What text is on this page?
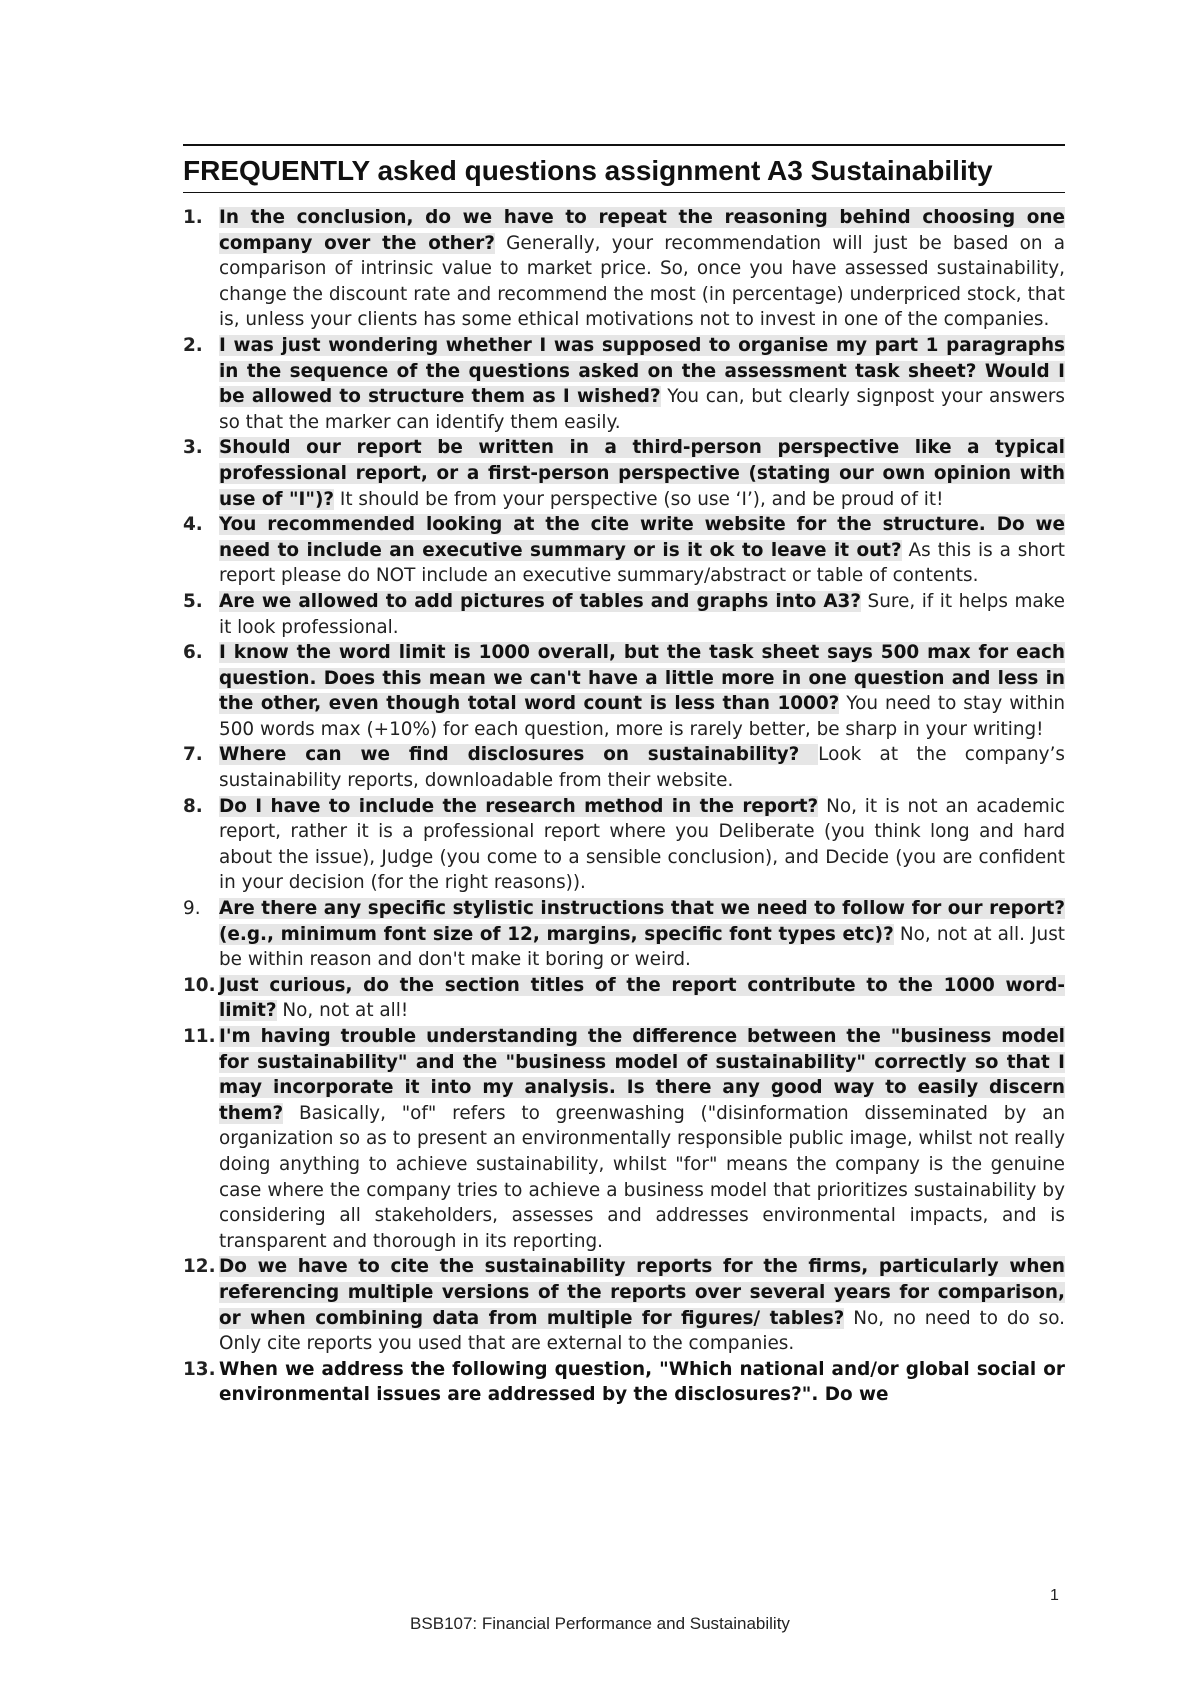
FREQUENTLY asked questions assignment A3 Sustainability
1. In the conclusion, do we have to repeat the reasoning behind choosing one company over the other? Generally, your recommendation will just be based on a comparison of intrinsic value to market price. So, once you have assessed sustainability, change the discount rate and recommend the most (in percentage) underpriced stock, that is, unless your clients has some ethical motivations not to invest in one of the companies.
2. I was just wondering whether I was supposed to organise my part 1 paragraphs in the sequence of the questions asked on the assessment task sheet? Would I be allowed to structure them as I wished? You can, but clearly signpost your answers so that the marker can identify them easily.
3. Should our report be written in a third-person perspective like a typical professional report, or a first-person perspective (stating our own opinion with use of "I")? It should be from your perspective (so use ‘I’), and be proud of it!
4. You recommended looking at the cite write website for the structure. Do we need to include an executive summary or is it ok to leave it out? As this is a short report please do NOT include an executive summary/abstract or table of contents.
5. Are we allowed to add pictures of tables and graphs into A3? Sure, if it helps make it look professional.
6. I know the word limit is 1000 overall, but the task sheet says 500 max for each question. Does this mean we can't have a little more in one question and less in the other, even though total word count is less than 1000? You need to stay within 500 words max (+10%) for each question, more is rarely better, be sharp in your writing!
7. Where can we find disclosures on sustainability? Look at the company’s sustainability reports, downloadable from their website.
8. Do I have to include the research method in the report? No, it is not an academic report, rather it is a professional report where you Deliberate (you think long and hard about the issue), Judge (you come to a sensible conclusion), and Decide (you are confident in your decision (for the right reasons)).
9. Are there any specific stylistic instructions that we need to follow for our report? (e.g., minimum font size of 12, margins, specific font types etc)? No, not at all. Just be within reason and don't make it boring or weird.
10. Just curious, do the section titles of the report contribute to the 1000 word-limit? No, not at all!
11. I'm having trouble understanding the difference between the "business model for sustainability" and the "business model of sustainability" correctly so that I may incorporate it into my analysis. Is there any good way to easily discern them? Basically, "of" refers to greenwashing ("disinformation disseminated by an organization so as to present an environmentally responsible public image, whilst not really doing anything to achieve sustainability, whilst "for" means the company is the genuine case where the company tries to achieve a business model that prioritizes sustainability by considering all stakeholders, assesses and addresses environmental impacts, and is transparent and thorough in its reporting.
12. Do we have to cite the sustainability reports for the firms, particularly when referencing multiple versions of the reports over several years for comparison, or when combining data from multiple for figures/ tables? No, no need to do so. Only cite reports you used that are external to the companies.
13. When we address the following question, "Which national and/or global social or environmental issues are addressed by the disclosures?". Do we
1
BSB107: Financial Performance and Sustainability
